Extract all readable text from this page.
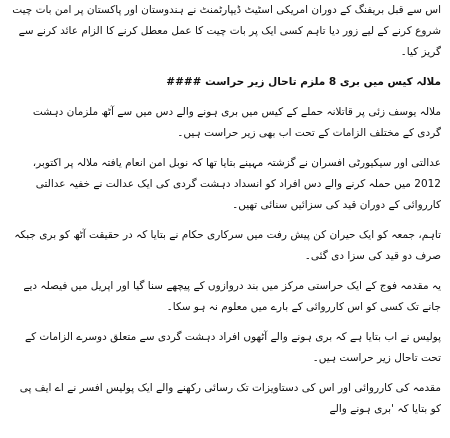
اس سے قبل بریفنگ کے دوران امریکی اسٹیٹ ڈیپارٹمنٹ نے ہندوستان اور پاکستان پر امن بات چیت شروع کرنے کے لیے زور دیا تاہم کسی ایک پر بات چیت کا عمل معطل کرنے کا الزام عائد کرنے سے گریز کیا۔

ملالہ کیس میں بری 8 ملزم تاحال زیر حراست ####

ملالہ یوسف زئی پر قاتلانہ حملے کے کیس میں بری ہونے والے دس میں سے آٹھ ملزمان دہشت گردی کے مختلف الزامات کے تحت اب بھی زیر حراست ہیں۔

عدالتی اور سیکیورٹی افسران نے گزشتہ مہینے بتایا تھا کہ نوبل امن انعام یافتہ ملالہ پر اکتوبر، 2012 میں حملہ کرنے والے دس افراد کو انسداد دہشت گردی کی ایک عدالت نے خفیہ عدالتی کارروائی کے دوران قید کی سزائیں سنائی تھیں۔

تاہم، جمعہ کو ایک حیران کن پیش رفت میں سرکاری حکام نے بتایا کہ در حقیقت آٹھ کو بری جبکہ صرف دو قید کی سزا دی گئی۔

یہ مقدمہ فوج کے ایک حراستی مرکز میں بند دروازوں کے پیچھے سنا گیا اور اپریل میں فیصلہ دیے جانے تک کسی کو اس کارروائی کے بارے میں معلوم نہ ہو سکا۔

پولیس نے اب بتایا ہے کہ بری ہونے والے آٹھوں افراد دہشت گردی سے متعلق دوسرے الزامات کے تحت تاحال زیر حراست ہیں۔

مقدمہ کی کارروائی اور اس کی دستاویزات تک رسائی رکھنے والے ایک پولیس افسر نے اے ایف پی کو بتایا کہ 'بری ہونے والے
